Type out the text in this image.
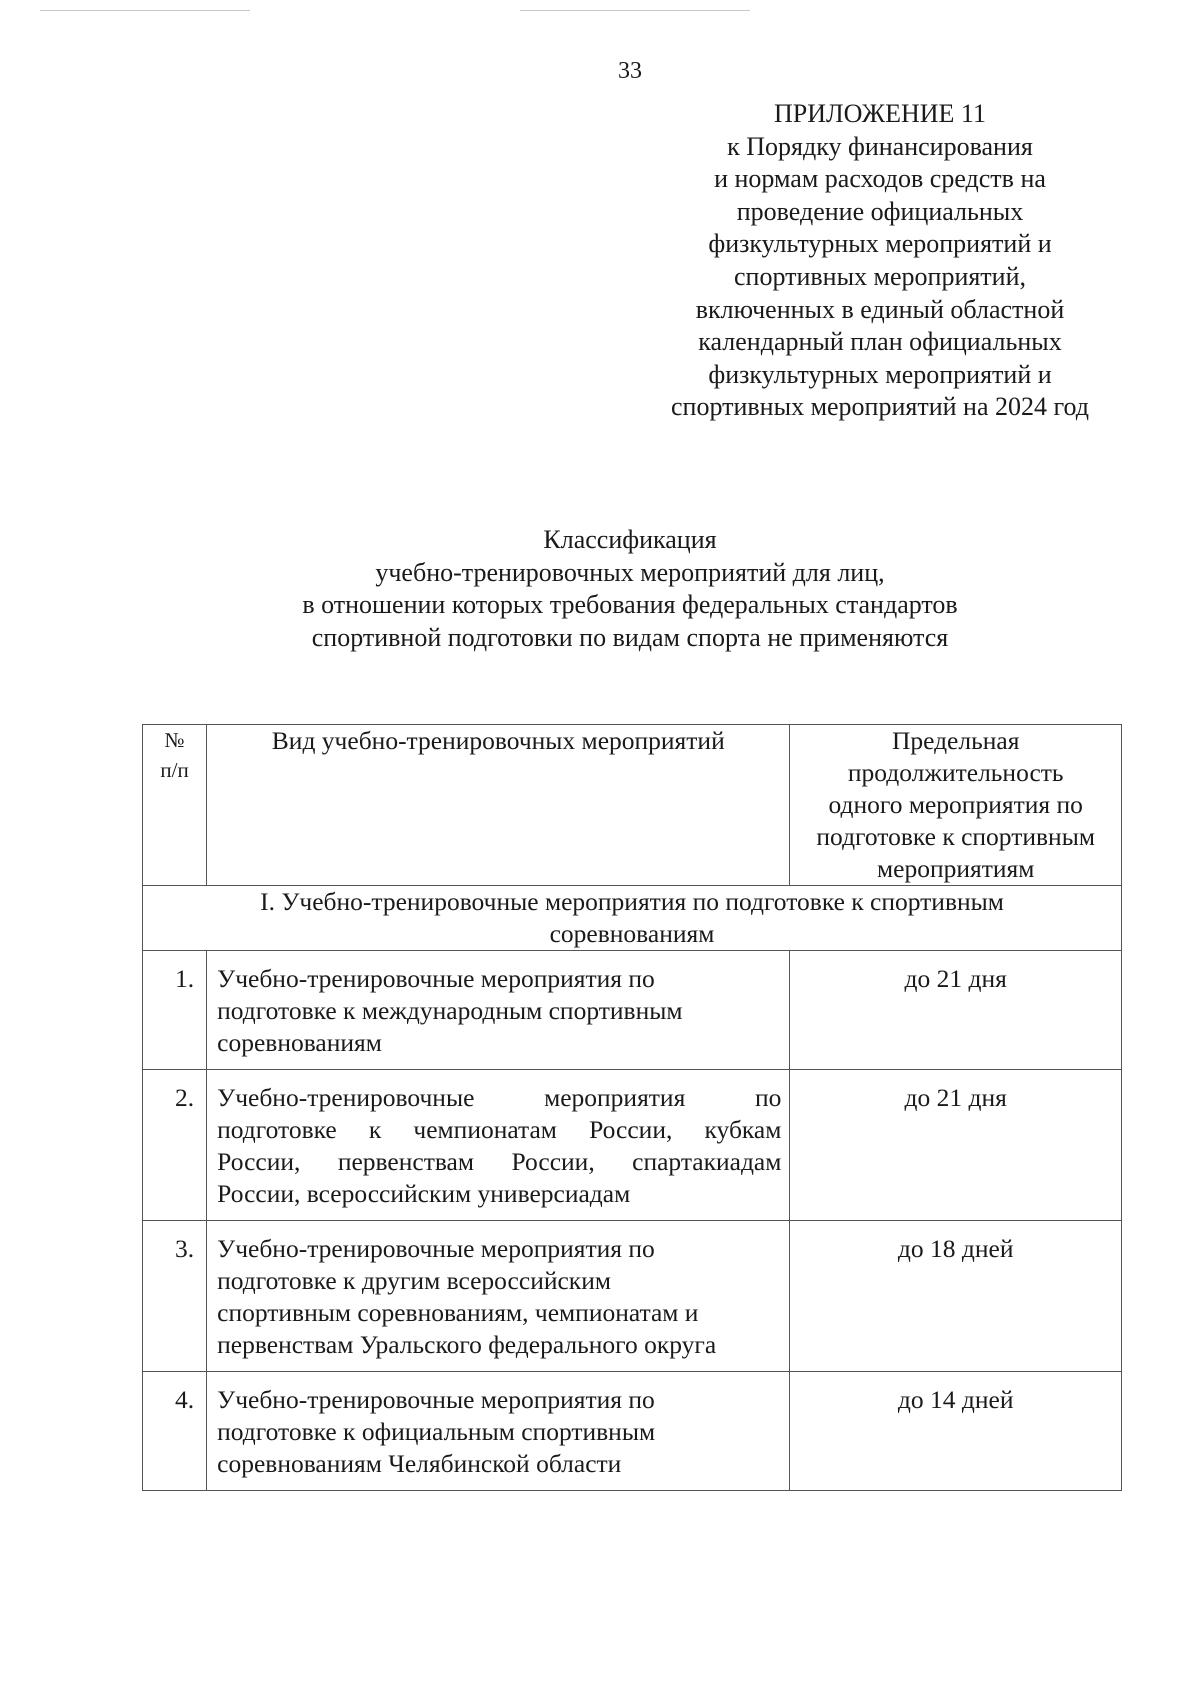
33
ПРИЛОЖЕНИЕ 11
к Порядку финансирования
и нормам расходов средств на
проведение официальных
физкультурных мероприятий и
спортивных мероприятий,
включенных в единый областной
календарный план официальных
физкультурных мероприятий и
спортивных мероприятий на 2024 год
Классификация
учебно-тренировочных мероприятий для лиц,
в отношении которых требования федеральных стандартов
спортивной подготовки по видам спорта не применяются
№
п/п	Вид учебно-тренировочных мероприятий	Предельная
продолжительность
одного мероприятия по
подготовке к спортивным
мероприятиям

I. Учебно-тренировочные мероприятия по подготовке к спортивным
соревнованиям		
1.	Учебно-тренировочные мероприятия по
подготовке к международным спортивным
соревнованиям	до 21 дня
2.	Учебно-тренировочные мероприятия по
подготовке к чемпионатам России, кубкам
России, первенствам России, спартакиадам
России, всероссийским универсиадам	до 21 дня
3.	Учебно-тренировочные мероприятия по
подготовке к другим всероссийским
спортивным соревнованиям, чемпионатам и
первенствам Уральского федерального округа	до 18 дней
4.	Учебно-тренировочные мероприятия по
подготовке к официальным спортивным
соревнованиям Челябинской области	до 14 дней
